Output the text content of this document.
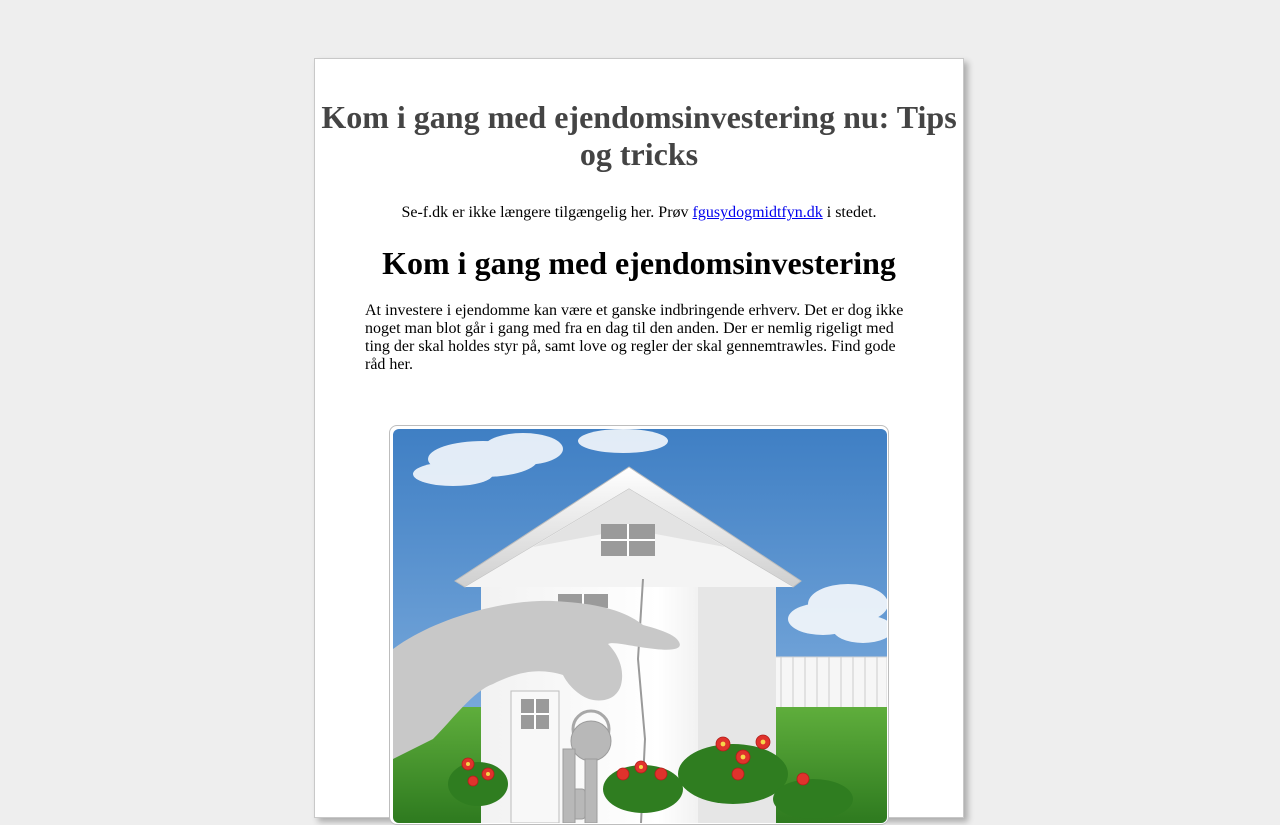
Kom i gang med ejendomsinvestering nu: Tips og tricks
Se-f.dk er ikke længere tilgængelig her. Prøv fgusydogmidtfyn.dk i stedet.
Kom i gang med ejendomsinvestering

At investere i ejendomme kan være et ganske indbringende erhverv. Det er dog ikke noget man blot går i gang med fra en dag til den anden. Der er nemlig rigeligt med ting der skal holdes styr på, samt love og regler der skal gennemtrawles. Find gode råd her.
